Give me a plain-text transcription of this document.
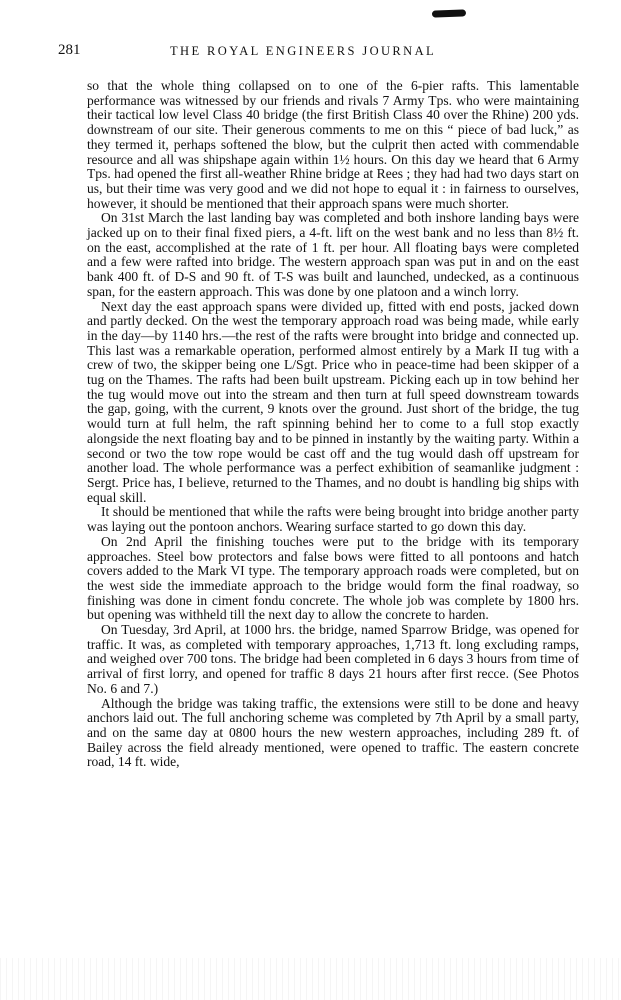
281	THE ROYAL ENGINEERS JOURNAL

so that the whole thing collapsed on to one of the 6-pier rafts. This lamentable performance was witnessed by our friends and rivals 7 Army Tps. who were maintaining their tactical low level Class 40 bridge (the first British Class 40 over the Rhine) 200 yds. downstream of our site. Their generous comments to me on this “ piece of bad luck,” as they termed it, perhaps softened the blow, but the culprit then acted with commendable resource and all was shipshape again within 1½ hours. On this day we heard that 6 Army Tps. had opened the first all-weather Rhine bridge at Rees ; they had had two days start on us, but their time was very good and we did not hope to equal it : in fairness to ourselves, however, it should be mentioned that their approach spans were much shorter.

On 31st March the last landing bay was completed and both inshore landing bays were jacked up on to their final fixed piers, a 4-ft. lift on the west bank and no less than 8½ ft. on the east, accomplished at the rate of 1 ft. per hour. All floating bays were completed and a few were rafted into bridge. The western approach span was put in and on the east bank 400 ft. of D-S and 90 ft. of T-S was built and launched, undecked, as a continuous span, for the eastern approach. This was done by one platoon and a winch lorry.

Next day the east approach spans were divided up, fitted with end posts, jacked down and partly decked. On the west the temporary approach road was being made, while early in the day—by 1140 hrs.—the rest of the rafts were brought into bridge and connected up. This last was a remarkable operation, performed almost entirely by a Mark II tug with a crew of two, the skipper being one L/Sgt. Price who in peace-time had been skipper of a tug on the Thames. The rafts had been built upstream. Picking each up in tow behind her the tug would move out into the stream and then turn at full speed downstream towards the gap, going, with the current, 9 knots over the ground. Just short of the bridge, the tug would turn at full helm, the raft spinning behind her to come to a full stop exactly alongside the next floating bay and to be pinned in instantly by the waiting party. Within a second or two the tow rope would be cast off and the tug would dash off upstream for another load. The whole performance was a perfect exhibition of seamanlike judgment : Sergt. Price has, I believe, returned to the Thames, and no doubt is handling big ships with equal skill.

It should be mentioned that while the rafts were being brought into bridge another party was laying out the pontoon anchors. Wearing surface started to go down this day.

On 2nd April the finishing touches were put to the bridge with its temporary approaches. Steel bow protectors and false bows were fitted to all pontoons and hatch covers added to the Mark VI type. The temporary approach roads were completed, but on the west side the immediate approach to the bridge would form the final roadway, so finishing was done in ciment fondu concrete. The whole job was complete by 1800 hrs. but opening was withheld till the next day to allow the concrete to harden.

On Tuesday, 3rd April, at 1000 hrs. the bridge, named Sparrow Bridge, was opened for traffic. It was, as completed with temporary approaches, 1,713 ft. long excluding ramps, and weighed over 700 tons. The bridge had been completed in 6 days 3 hours from time of arrival of first lorry, and opened for traffic 8 days 21 hours after first recce. (See Photos No. 6 and 7.)

Although the bridge was taking traffic, the extensions were still to be done and heavy anchors laid out. The full anchoring scheme was completed by 7th April by a small party, and on the same day at 0800 hours the new western approaches, including 289 ft. of Bailey across the field already mentioned, were opened to traffic. The eastern concrete road, 14 ft. wide,
